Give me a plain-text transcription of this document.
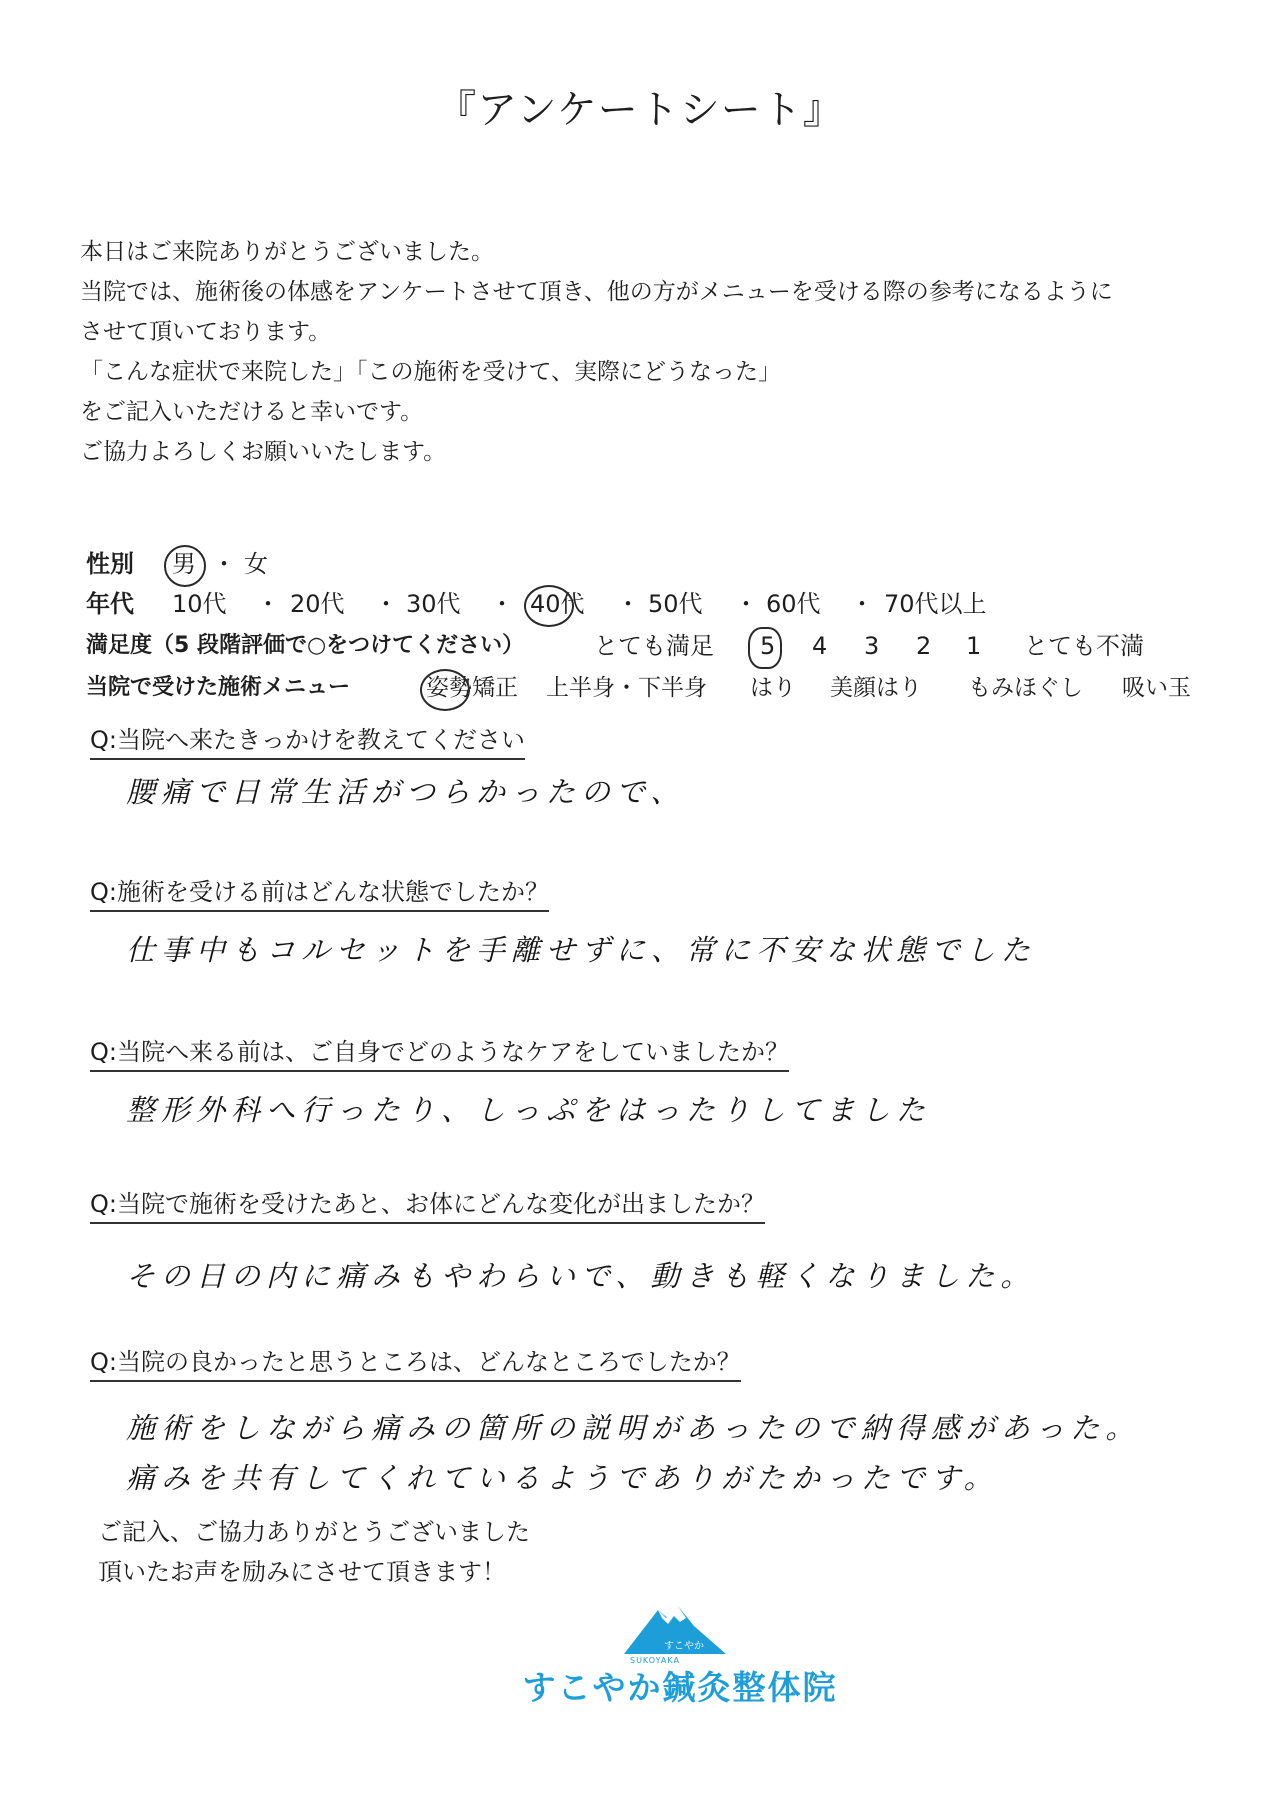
『アンケートシート』
本日はご来院ありがとうございました。
当院では、施術後の体感をアンケートさせて頂き、他の方がメニューを受ける際の参考になるように
させて頂いております。
「こんな症状で来院した」「この施術を受けて、実際にどうなった」
をご記入いただけると幸いです。
ご協力よろしくお願いいたします。
性別 男 ・ 女
年代 10代 ・ 20代 ・ 30代 ・ 40代 ・ 50代 ・ 60代 ・ 70代以上
満足度（5 段階評価で○をつけてください）	とても満足 5 4 3 2 1 とても不満
当院で受けた施術メニュー	姿勢矯正 上半身・下半身 はり 美顔はり もみほぐし 吸い玉
Q:当院へ来たきっかけを教えてください
腰痛で日常生活がつらかったので、
Q:施術を受ける前はどんな状態でしたか？
仕事中もコルセットを手離せずに、常に不安な状態でした
Q:当院へ来る前は、ご自身でどのようなケアをしていましたか？
整形外科へ行ったり、しっぷをはったりしてました
Q:当院で施術を受けたあと、お体にどんな変化が出ましたか？
その日の内に痛みもやわらいで、動きも軽くなりました。
Q:当院の良かったと思うところは、どんなところでしたか？
施術をしながら痛みの箇所の説明があったので納得感があった。
痛みを共有してくれているようでありがたかったです。
ご記入、ご協力ありがとうございました
頂いたお声を励みにさせて頂きます！
すこやか
SUKOYAKA
すこやか鍼灸整体院
